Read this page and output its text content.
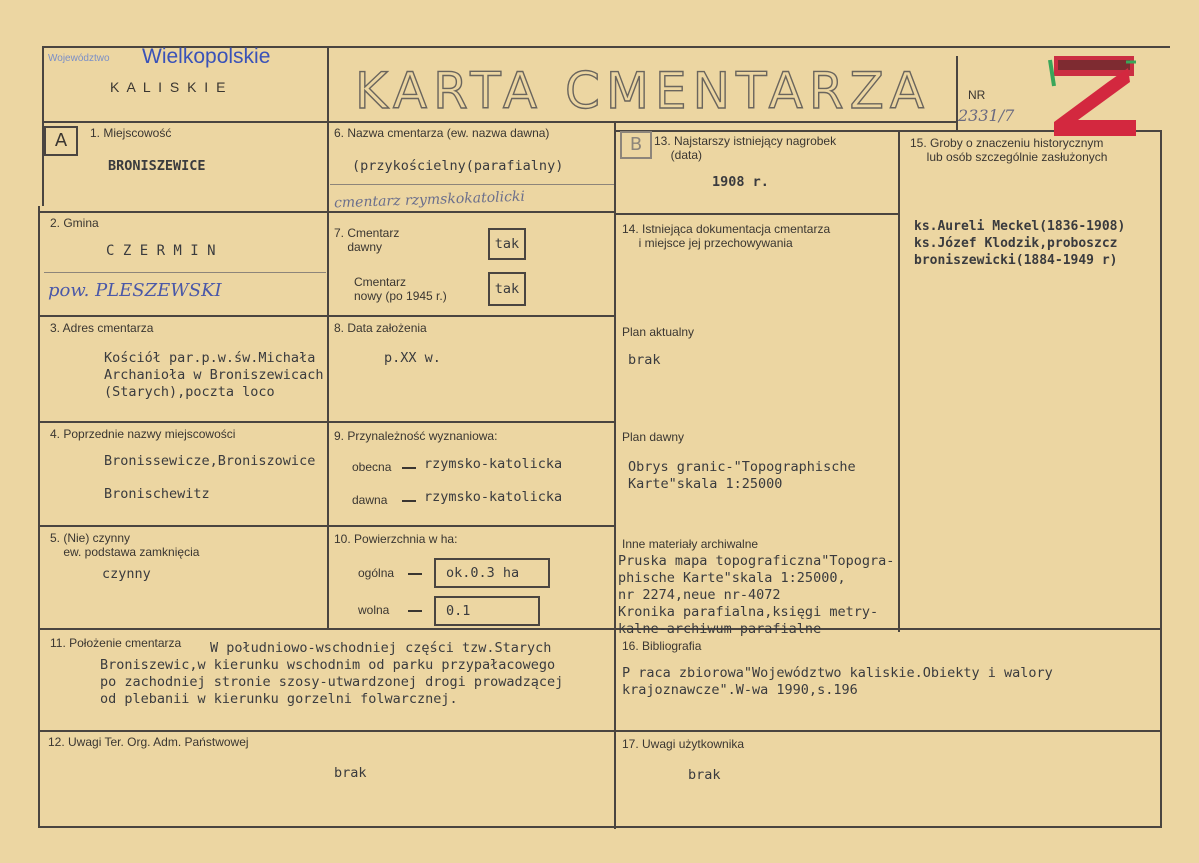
Województwo Wielkopolskie
K A L I S K I E	KARTA CMENTARZA	NR
2331/7
A	1. Miejscowość
BRONISZEWICE
2. Gmina
C Z E R M I N
pow. PLESZEWSKI
3. Adres cmentarza
Kościół par.p.w.św.Michała
Archanioła w Broniszewicach
(Starych),poczta loco
4. Poprzednie nazwy miejscowości
Bronissewicze,Broniszowice
Bronischewitz
5. (Nie) czynny
ew. podstawa zamknięcia
czynny
6. Nazwa cmentarza (ew. nazwa dawna)
(przykościelny(parafialny)
cmentarz rzymskokatolicki
7. Cmentarz
dawny	tak
Cmentarz
nowy (po 1945 r.)	tak
8. Data założenia
p.XX w.
9. Przynależność wyznaniowa:
obecna rzymsko-katolicka
dawna	rzymsko-katolicka
10. Powierzchnia w ha:
ogólna	ok.0.3 ha
wolna	0.1
11. Położenie cmentarza W południowo-wschodniej części tzw.Starych
Broniszewic,w kierunku wschodnim od parku przypałacowego
po zachodniej stronie szosy-utwardzonej drogi prowadzącej
od plebanii w kierunku gorzelni folwarcznej.
12. Uwagi Ter. Org. Adm. Państwowej
brak
B 13. Najstarszy istniejący nagrobek
(data)
1908 r.
14. Istniejąca dokumentacja cmentarza
i miejsce jej przechowywania
Plan aktualny
brak
Plan dawny
Obrys granic-"Topographische
Karte"skala 1:25000
Inne materiały archiwalne
Pruska mapa topograficzna"Topogra-
phische Karte"skala 1:25000,
nr 2274,neue nr-4072
Kronika parafialna,księgi metry-
kalne-archiwum parafialne
15. Groby o znaczeniu historycznym
lub osób szczególnie zasłużonych
ks.Aureli Meckel(1836-1908)
ks.Józef Klodzik,proboszcz
broniszewicki(1884-1949 r)
16. Bibliografia
P raca zbiorowa"Województwo kaliskie.Obiekty i walory
krajoznawcze".W-wa 1990,s.196
17. Uwagi użytkownika
brak
